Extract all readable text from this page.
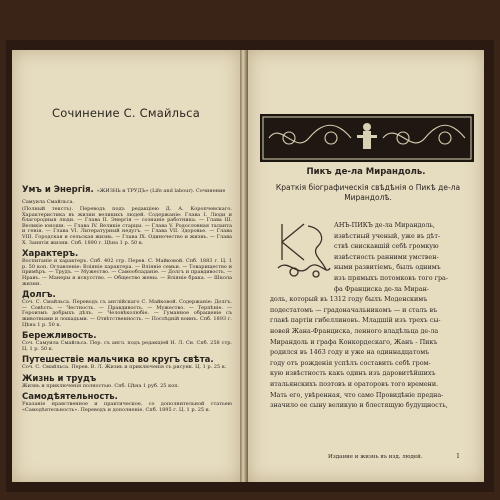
Сочинение С. Смайльса
Умъ и Энергія. «ЖИЗНЬ и ТРУДЪ» (Life and labour). Сочинение Самуила Смайльса.
(Полный текстъ). Переводъ подъ редакціею Д. А. Коропчевскаго. Характеристика въ жизни великихъ людей. Содержаніе: Глава I. Люди и благородныя люди. — Глава II. Энергія — сознаніе работника. — Глава III. Великіе юноши. — Глава IV. Великіе старцы. — Глава V. Родословная таланта и генія. — Глава VI. Литературный недугъ. — Глава VII. Здоровье. — Глава VIII. Городская и сельская жизнь. — Глава IX. Одиночество и жизнь. — Глава X. Занятія жизни. Спб. 1890 г. Цѣна 1 р. 50 к.
Характеръ.
Воспитаніе и характеръ. Спб. 402 стр. Перев. С. Майковой. Спб. 1883 г. Ц. 1 р. 50 коп. Оглавленіе: Вліяніе характера. — Вліяніе семьи. — Товарищество и примѣръ. — Трудъ. — Мужество. — Самообладаніе. — Долгъ и правдивость. — Нравъ. — Манеры и искусство. — Общество жены. — Вліяніе брака. — Школа жизни.
Долгъ.
Соч. С. Смайльса. Переводъ съ англійскаго С. Майковой. Содержаніе: Долгъ. — Совѣсть. — Честность. — Правдивость. — Мужество. — Терпѣніе. — Героизмъ добрыхъ дѣлъ. — Человѣколюбіе. — Гуманное обращеніе съ животными и лошадьми. — Отвѣтственность. — Послѣдній воинъ. Спб. 1893 г. Цѣна 1 р. 50 к.
Бережливость.
Соч. Самуила Смайльса. Пер. съ англ. подъ редакціей Н. Л. Сн. Спб. 258 стр. Ц. 1 р. 50 к.
Путешествіе мальчика во кругъ свѣта.
Соч. С. Смайльса. Перев. В. Л. Жизнь и приключенія съ рисунк. Ц. 1 р. 25 к.
Жизнь и трудъ
Жизнь и приключенія полностью. Спб. Цѣна 1 руб. 25 коп.
Самодѣятельность.
Указаніе нравственное и практическое, со дополнительной статьею «Самодѣятельность». Переводъ и дополненіе. Спб. 1895 г. Ц. 1 р. 25 к.
Пикъ де-ла Мирандоль.
Краткія біографическія свѣдѣнія о Пикѣ де-ла Мирандолѣ.
АНЪ-ПИКЪ де-ла Мирандоль,
извѣстный ученый, уже въ дѣт-
ствѣ снискавшій себѣ громкую
извѣстность ранними умствен-
ными развитіемъ, былъ однимъ
изъ прямыхъ потомковъ того гра-
фа Франциска де-ла Миран-
доль, который въ 1312 году былъ Моденскимъ
подестатомъ — градоначальникомъ — и сталъ въ
главѣ партіи гибеллиновъ. Младшій изъ трехъ сы-
новей Жана-Франциска, ленного владѣльца де-ла
Мирандоль и графа Конкордескаго, Жанъ - Пикъ
родился въ 1463 году и уже на одиннадцатомъ
году отъ рожденія успѣлъ составить себѣ гром-
кую извѣстность какъ одинъ изъ даровитѣйшихъ
итальянскихъ поэтовъ и ораторовъ того времени.
Мать его, увѣренная, что само Провидѣніе предна-
значило ее сыну великую и блестящую будущность,
Издание и жизнь въ изд. людей.	1
